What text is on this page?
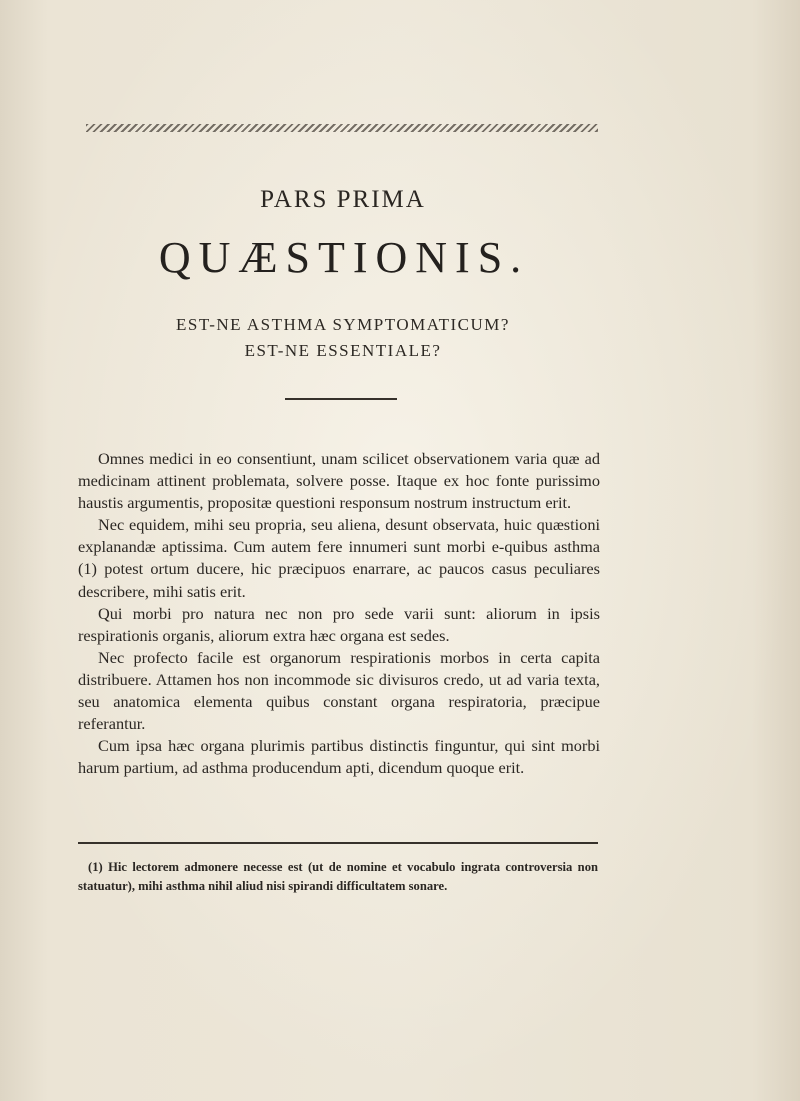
PARS PRIMA
QUÆSTIONIS.
EST-NE ASTHMA SYMPTOMATICUM?
EST-NE ESSENTIALE?

Omnes medici in eo consentiunt, unam scilicet observationem varia quæ ad medicinam attinent problemata, solvere posse. Itaque ex hoc fonte purissimo haustis argumentis, propositæ questioni responsum nostrum instructum erit.

Nec equidem, mihi seu propria, seu aliena, desunt observata, huic quæstioni explanandæ aptissima. Cum autem fere innumeri sunt morbi e-quibus asthma (1) potest ortum ducere, hic præcipuos enarrare, ac paucos casus peculiares describere, mihi satis erit.

Qui morbi pro natura nec non pro sede varii sunt: aliorum in ipsis respirationis organis, aliorum extra hæc organa est sedes.

Nec profecto facile est organorum respirationis morbos in certa capita distribuere. Attamen hos non incommode sic divisuros credo, ut ad varia texta, seu anatomica elementa quibus constant organa respiratoria, præcipue referantur.

Cum ipsa hæc organa plurimis partibus distinctis finguntur, qui sint morbi harum partium, ad asthma producendum apti, dicendum quoque erit.

(1) Hic lectorem admonere necesse est (ut de nomine et vocabulo ingrata controversia non statuatur), mihi asthma nihil aliud nisi spirandi difficultatem sonare.
